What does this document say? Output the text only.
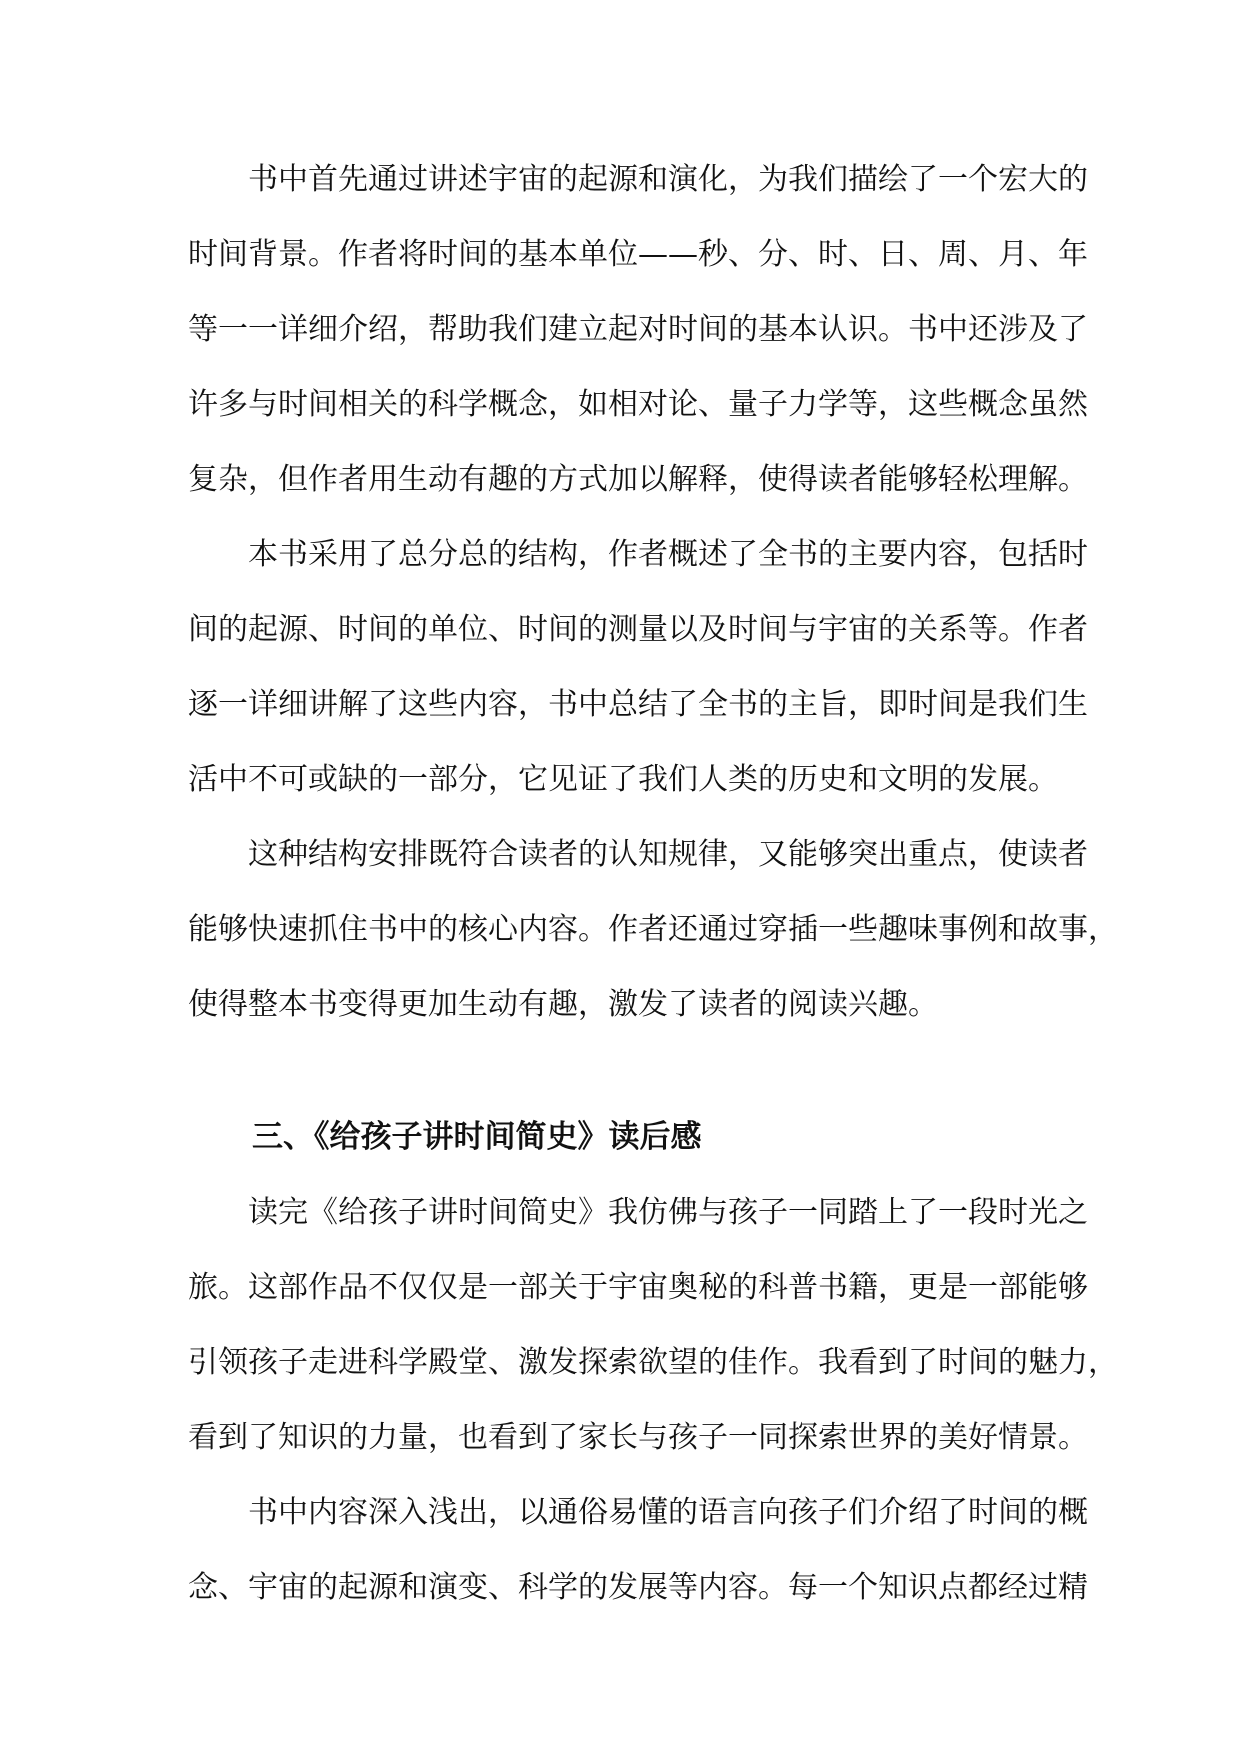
书中首先通过讲述宇宙的起源和演化，为我们描绘了一个宏大的

时间背景。作者将时间的基本单位——秒、分、时、日、周、月、年

等一一详细介绍，帮助我们建立起对时间的基本认识。书中还涉及了

许多与时间相关的科学概念，如相对论、量子力学等，这些概念虽然

复杂，但作者用生动有趣的方式加以解释，使得读者能够轻松理解。

本书采用了总分总的结构，作者概述了全书的主要内容，包括时

间的起源、时间的单位、时间的测量以及时间与宇宙的关系等。作者

逐一详细讲解了这些内容，书中总结了全书的主旨，即时间是我们生

活中不可或缺的一部分，它见证了我们人类的历史和文明的发展。

这种结构安排既符合读者的认知规律，又能够突出重点，使读者

能够快速抓住书中的核心内容。作者还通过穿插一些趣味事例和故事，

使得整本书变得更加生动有趣，激发了读者的阅读兴趣。

三、《给孩子讲时间简史》读后感

读完《给孩子讲时间简史》我仿佛与孩子一同踏上了一段时光之

旅。这部作品不仅仅是一部关于宇宙奥秘的科普书籍，更是一部能够

引领孩子走进科学殿堂、激发探索欲望的佳作。我看到了时间的魅力，

看到了知识的力量，也看到了家长与孩子一同探索世界的美好情景。

书中内容深入浅出，以通俗易懂的语言向孩子们介绍了时间的概

念、宇宙的起源和演变、科学的发展等内容。每一个知识点都经过精
